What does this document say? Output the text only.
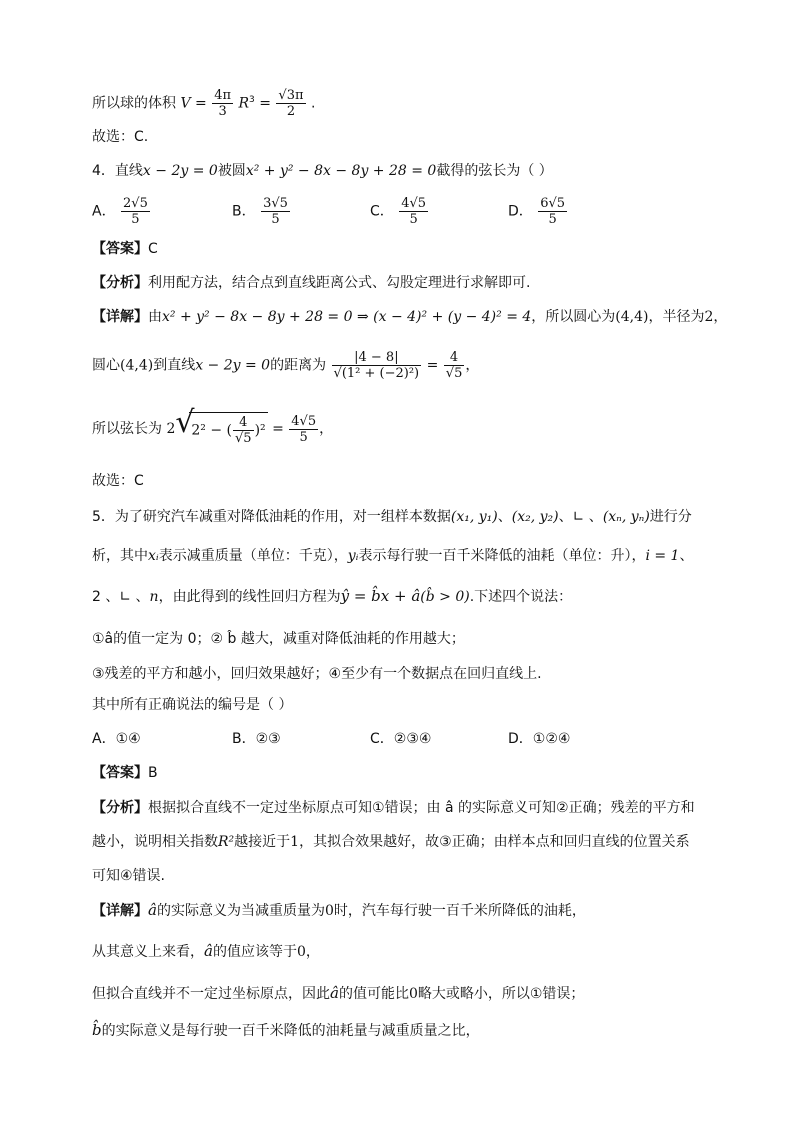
所以球的体积 $V = \frac{4\pi}{3} R^3 = \frac{√3\pi}{2}$ .
故选：C.
4．直线x − 2y = 0被圆x² + y² − 8x − 8y + 28 = 0截得的弦长为（ ）
A． $\frac{2√5}{5}$	B． $\frac{3√5}{5}$	C． $\frac{4√5}{5}$	D． $\frac{6√5}{5}$
【答案】C
【分析】利用配方法，结合点到直线距离公式、勾股定理进行求解即可.
【详解】由x² + y² − 8x − 8y + 28 = 0 ⇒ (x − 4)² + (y − 4)² = 4，所以圆心为(4,4)，半径为2，
圆心(4,4)到直线x − 2y = 0的距离为 $\frac{|4 - 8|}{\text{√(1² + (−2)²)}} = \frac{4}{√5}$ ，
所以弦长为 2 √
2² − ( $\frac{4}{√5} )^2 = \frac{4√5}{5}$ ，
故选：C
5．为了研究汽车减重对降低油耗的作用，对一组样本数据(x₁, y₁)、(x₂, y₂)、∟ 、(xₙ, yₙ)进行分
析，其中xᵢ表示减重质量（单位：千克），yᵢ表示每行驶一百千米降低的油耗（单位：升），i = 1、
2 、∟ 、n，由此得到的线性回归方程为ŷ = b̂x + â(b̂ > 0).下述四个说法：
①â的值一定为 0；② b̂ 越大，减重对降低油耗的作用越大；
③残差的平方和越小，回归效果越好；④至少有一个数据点在回归直线上.
其中所有正确说法的编号是（ ）
A．①④	B．②③	C．②③④	D．①②④
【答案】B
【分析】根据拟合直线不一定过坐标原点可知①错误；由 â 的实际意义可知②正确；残差的平方和
越小，说明相关指数R²越接近于1，其拟合效果越好，故③正确；由样本点和回归直线的位置关系
可知④错误.
【详解】â的实际意义为当减重质量为0时，汽车每行驶一百千米所降低的油耗，
从其意义上来看，â的值应该等于0，
但拟合直线并不一定过坐标原点，因此â的值可能比0略大或略小，所以①错误；
b̂的实际意义是每行驶一百千米降低的油耗量与减重质量之比，
